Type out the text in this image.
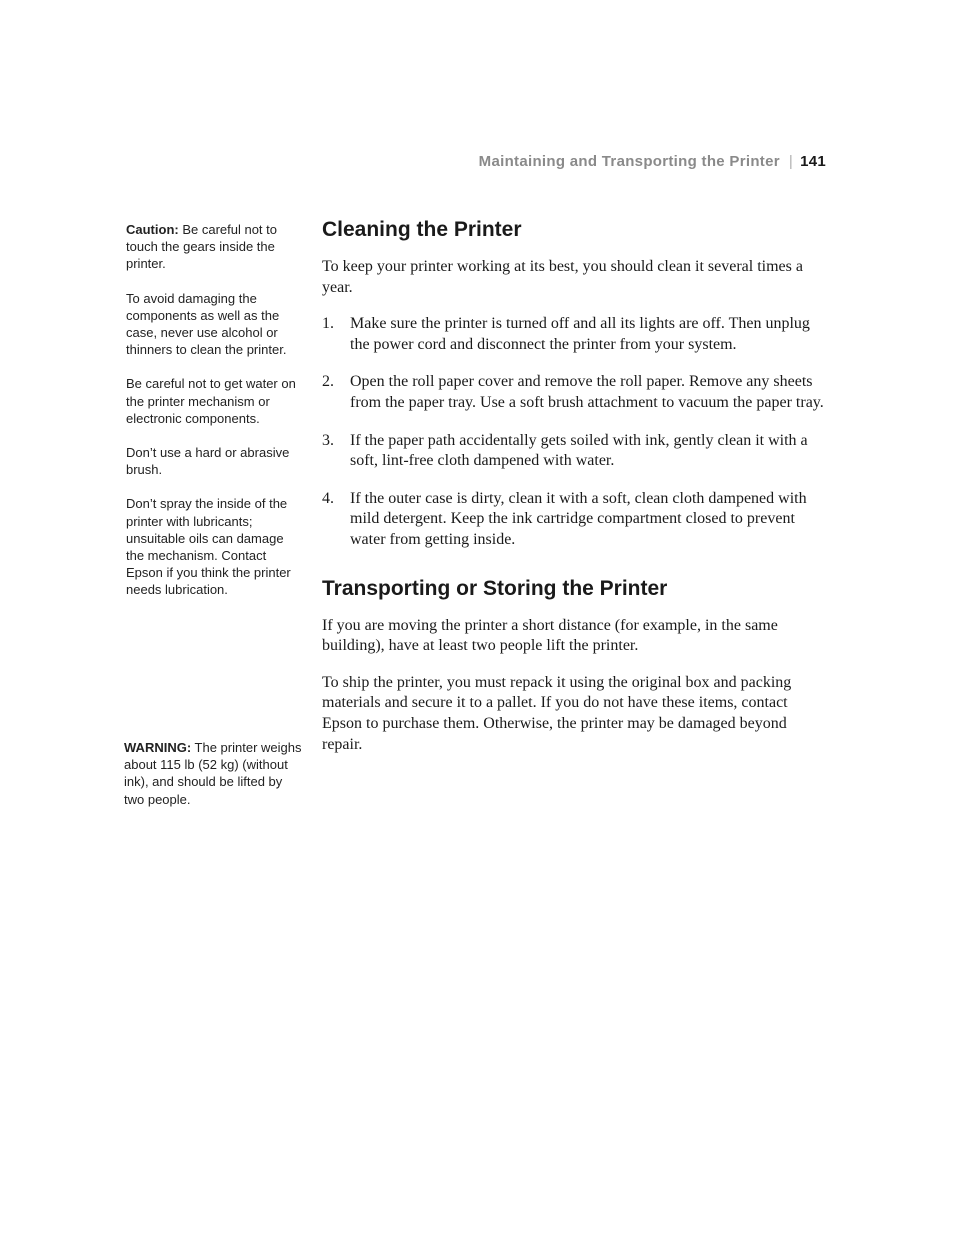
Maintaining and Transporting the Printer | 141

Caution: Be careful not to touch the gears inside the printer.

To avoid damaging the components as well as the case, never use alcohol or thinners to clean the printer.

Be careful not to get water on the printer mechanism or electronic components.

Don’t use a hard or abrasive brush.

Don’t spray the inside of the printer with lubricants; unsuitable oils can damage the mechanism. Contact Epson if you think the printer needs lubrication.

WARNING: The printer weighs about 115 lb (52 kg) (without ink), and should be lifted by two people.

Cleaning the Printer

To keep your printer working at its best, you should clean it several times a year.

1. Make sure the printer is turned off and all its lights are off. Then unplug the power cord and disconnect the printer from your system.
2. Open the roll paper cover and remove the roll paper. Remove any sheets from the paper tray. Use a soft brush attachment to vacuum the paper tray.
3. If the paper path accidentally gets soiled with ink, gently clean it with a soft, lint-free cloth dampened with water.
4. If the outer case is dirty, clean it with a soft, clean cloth dampened with mild detergent. Keep the ink cartridge compartment closed to prevent water from getting inside.
Transporting or Storing the Printer

If you are moving the printer a short distance (for example, in the same building), have at least two people lift the printer.

To ship the printer, you must repack it using the original box and packing materials and secure it to a pallet. If you do not have these items, contact Epson to purchase them. Otherwise, the printer may be damaged beyond repair.
